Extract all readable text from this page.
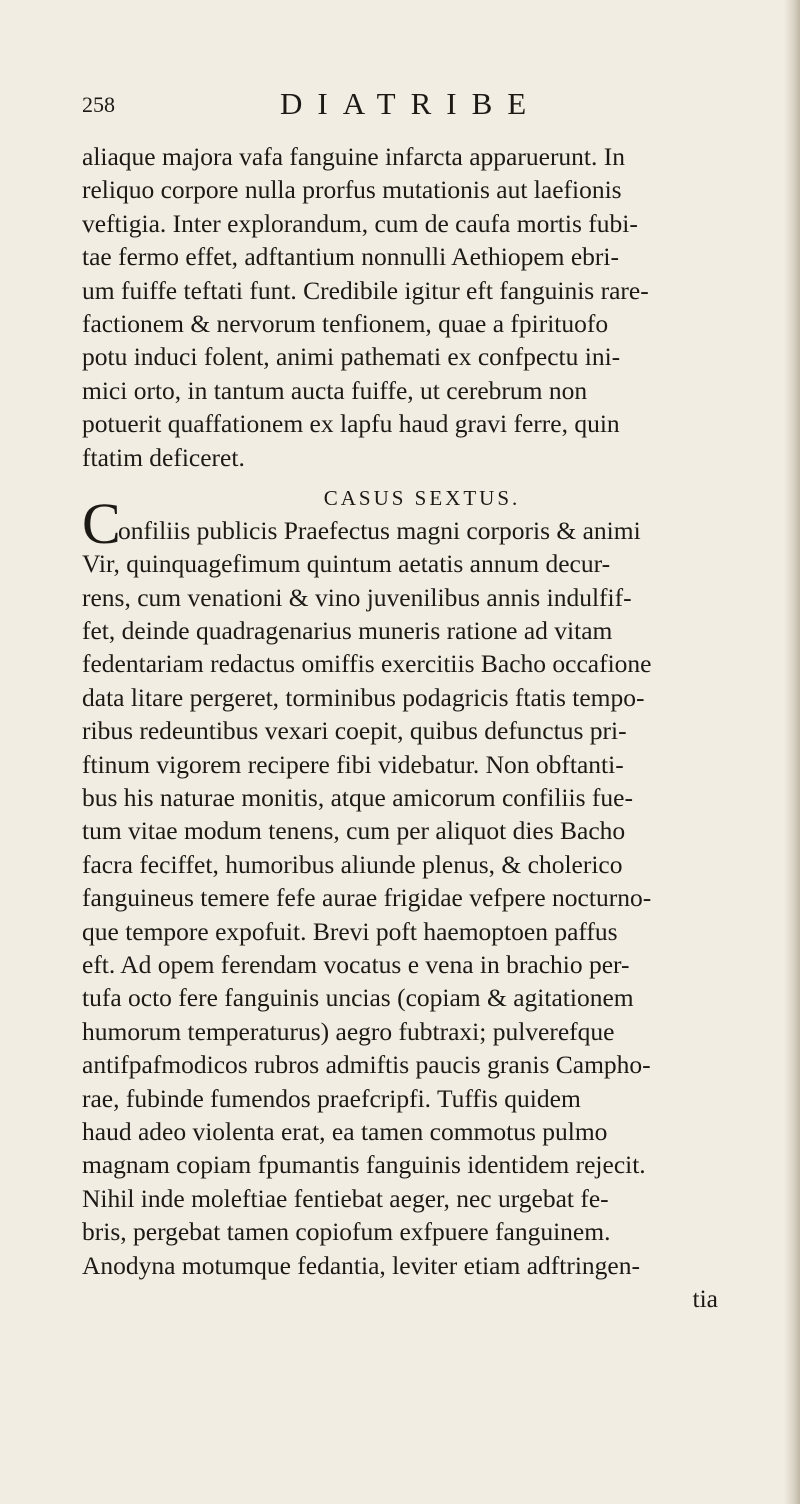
258	DIATRIBE
aliaque majora vafa fanguine infarcta apparuerunt. In
reliquo corpore nulla prorfus mutationis aut laefionis
veftigia. Inter explorandum, cum de caufa mortis fubi-
tae fermo effet, adftantium nonnulli Aethiopem ebri-
um fuiffe teftati funt. Credibile igitur eft fanguinis rare-
factionem & nervorum tenfionem, quae a fpirituofo
potu induci folent, animi pathemati ex confpectu ini-
mici orto, in tantum aucta fuiffe, ut cerebrum non
potuerit quaffationem ex lapfu haud gravi ferre, quin
ftatim deficeret.
CASUS SEXTUS.
C
onfiliis publicis Praefectus magni corporis & animi
Vir, quinquagefimum quintum aetatis annum decur-
rens, cum venationi & vino juvenilibus annis indulfif-
fet, deinde quadragenarius muneris ratione ad vitam
fedentariam redactus omiffis exercitiis Bacho occafione
data litare pergeret, torminibus podagricis ftatis tempo-
ribus redeuntibus vexari coepit, quibus defunctus pri-
ftinum vigorem recipere fibi videbatur. Non obftanti-
bus his naturae monitis, atque amicorum confiliis fue-
tum vitae modum tenens, cum per aliquot dies Bacho
facra feciffet, humoribus aliunde plenus, & cholerico
fanguineus temere fefe aurae frigidae vefpere nocturno-
que tempore expofuit. Brevi poft haemoptoen paffus
eft. Ad opem ferendam vocatus e vena in brachio per-
tufa octo fere fanguinis uncias (copiam & agitationem
humorum temperaturus) aegro fubtraxi; pulverefque
antifpafmodicos rubros admiftis paucis granis Campho-
rae, fubinde fumendos praefcripfi. Tuffis quidem
haud adeo violenta erat, ea tamen commotus pulmo
magnam copiam fpumantis fanguinis identidem rejecit.
Nihil inde moleftiae fentiebat aeger, nec urgebat fe-
bris, pergebat tamen copiofum exfpuere fanguinem.
Anodyna motumque fedantia, leviter etiam adftringen-
tia
